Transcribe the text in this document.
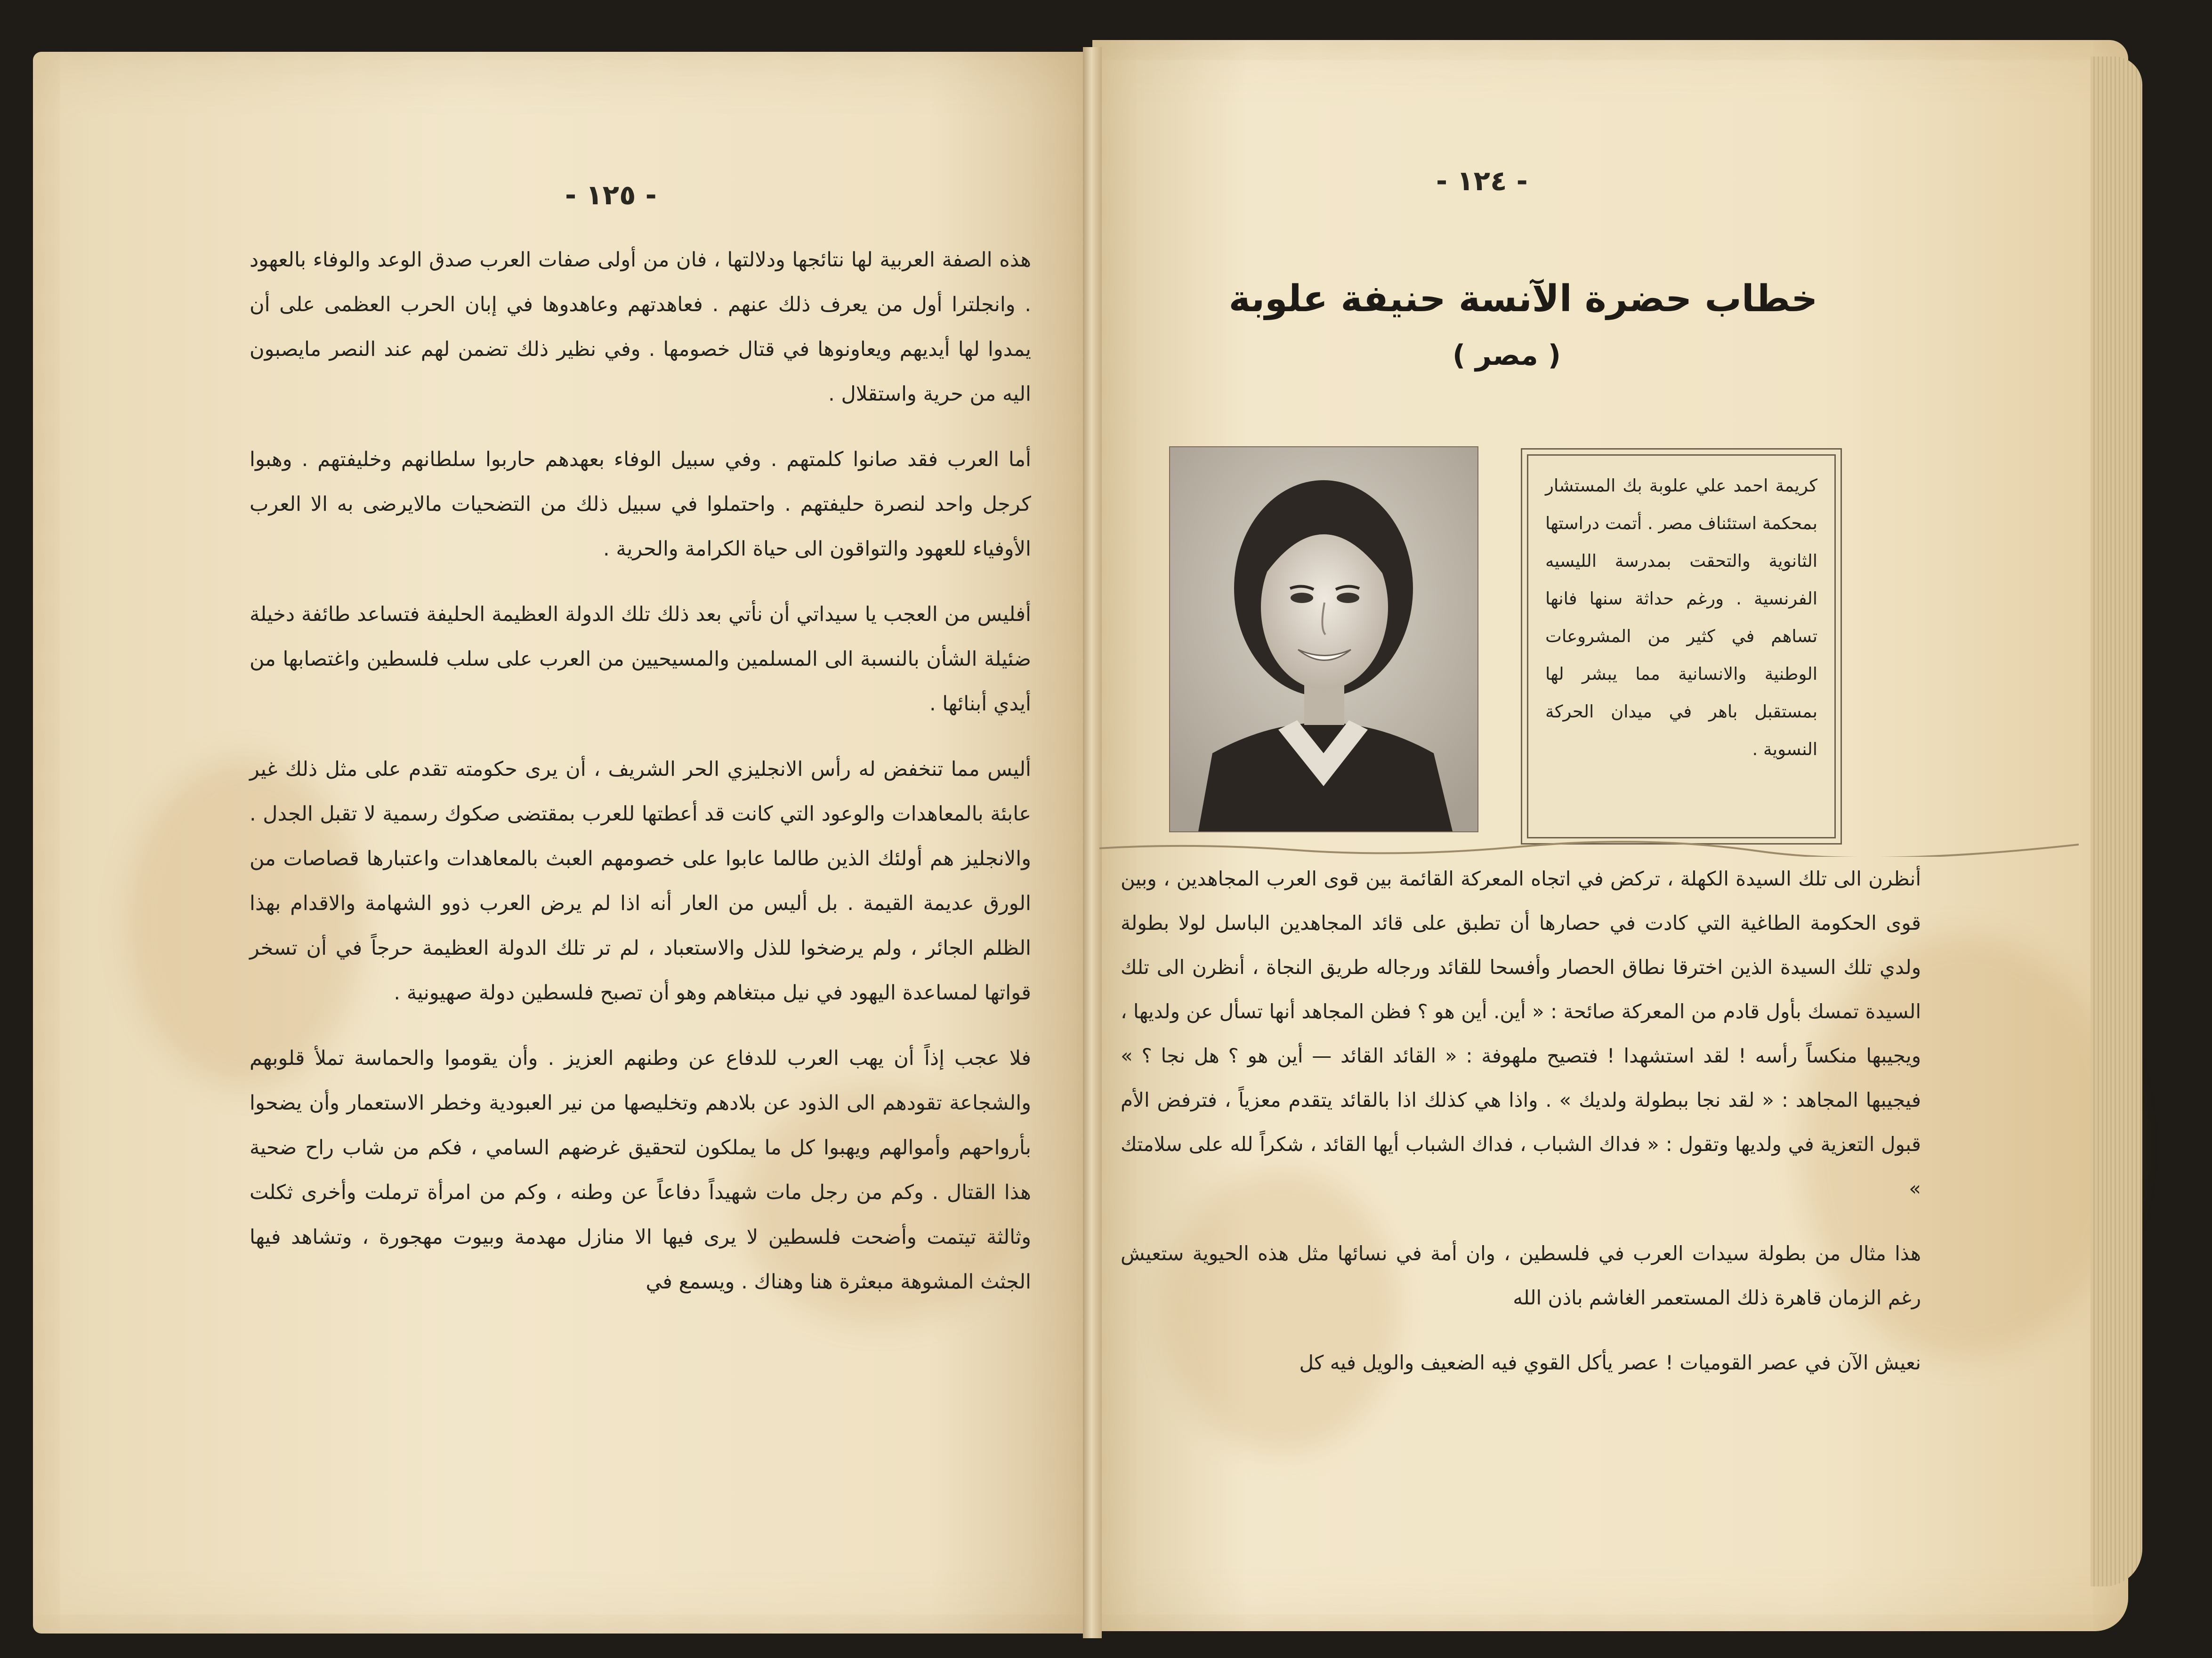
- ١٢٥ -

هذه الصفة العربية لها نتائجها ودلالتها ، فان من أولى صفات العرب صدق الوعد والوفاء بالعهود . وانجلترا أول من يعرف ذلك عنهم . فعاهدتهم وعاهدوها في إبان الحرب العظمى على أن يمدوا لها أيديهم ويعاونوها في قتال خصومها . وفي نظير ذلك تضمن لهم عند النصر مايصبون اليه من حرية واستقلال .

أما العرب فقد صانوا كلمتهم . وفي سبيل الوفاء بعهدهم حاربوا سلطانهم وخليفتهم . وهبوا كرجل واحد لنصرة حليفتهم . واحتملوا في سبيل ذلك من التضحيات مالايرضى به الا العرب الأوفياء للعهود والتواقون الى حياة الكرامة والحرية .

أفليس من العجب يا سيداتي أن نأتي بعد ذلك تلك الدولة العظيمة الحليفة فتساعد طائفة دخيلة ضئيلة الشأن بالنسبة الى المسلمين والمسيحيين من العرب على سلب فلسطين واغتصابها من أيدي أبنائها .

أليس مما تنخفض له رأس الانجليزي الحر الشريف ، أن يرى حكومته تقدم على مثل ذلك غير عابئة بالمعاهدات والوعود التي كانت قد أعطتها للعرب بمقتضى صكوك رسمية لا تقبل الجدل . والانجليز هم أولئك الذين طالما عابوا على خصومهم العبث بالمعاهدات واعتبارها قصاصات من الورق عديمة القيمة . بل أليس من العار أنه اذا لم يرض العرب ذوو الشهامة والاقدام بهذا الظلم الجائر ، ولم يرضخوا للذل والاستعباد ، لم تر تلك الدولة العظيمة حرجاً في أن تسخر قواتها لمساعدة اليهود في نيل مبتغاهم وهو أن تصبح فلسطين دولة صهيونية .

فلا عجب إذاً أن يهب العرب للدفاع عن وطنهم العزيز . وأن يقوموا والحماسة تملأ قلوبهم والشجاعة تقودهم الى الذود عن بلادهم وتخليصها من نير العبودية وخطر الاستعمار وأن يضحوا بأرواحهم وأموالهم ويهبوا كل ما يملكون لتحقيق غرضهم السامي ، فكم من شاب راح ضحية هذا القتال . وكم من رجل مات شهيداً دفاعاً عن وطنه ، وكم من امرأة ترملت وأخرى ثكلت وثالثة تيتمت وأضحت فلسطين لا يرى فيها الا منازل مهدمة وبيوت مهجورة ، وتشاهد فيها الجثث المشوهة مبعثرة هنا وهناك . ويسمع في

- ١٢٤ -
خطاب حضرة الآنسة حنيفة علوبة
( مصر )
كريمة احمد علي علوبة بك المستشار بمحكمة استئناف مصر . أتمت دراستها الثانوية والتحقت بمدرسة الليسيه الفرنسية . ورغم حداثة سنها فانها تساهم في كثير من المشروعات الوطنية والانسانية مما يبشر لها بمستقبل باهر في ميدان الحركة النسوية .

أنظرن الى تلك السيدة الكهلة ، تركض في اتجاه المعركة القائمة بين قوى العرب المجاهدين ، وبين قوى الحكومة الطاغية التي كادت في حصارها أن تطبق على قائد المجاهدين الباسل لولا بطولة ولدي تلك السيدة الذين اخترقا نطاق الحصار وأفسحا للقائد ورجاله طريق النجاة ، أنظرن الى تلك السيدة تمسك بأول قادم من المعركة صائحة : « أين. أين هو ؟ فظن المجاهد أنها تسأل عن ولديها ، ويجيبها منكساً رأسه ! لقد استشهدا ! فتصيح ملهوفة : « القائد القائد — أين هو ؟ هل نجا ؟ » فيجيبها المجاهد : « لقد نجا ببطولة ولديك » . واذا هي كذلك اذا بالقائد يتقدم معزياً ، فترفض الأم قبول التعزية في ولديها وتقول : « فداك الشباب ، فداك الشباب أيها القائد ، شكراً لله على سلامتك »

هذا مثال من بطولة سيدات العرب في فلسطين ، وان أمة في نسائها مثل هذه الحيوية ستعيش رغم الزمان قاهرة ذلك المستعمر الغاشم باذن الله

نعيش الآن في عصر القوميات ! عصر يأكل القوي فيه الضعيف والويل فيه كل
